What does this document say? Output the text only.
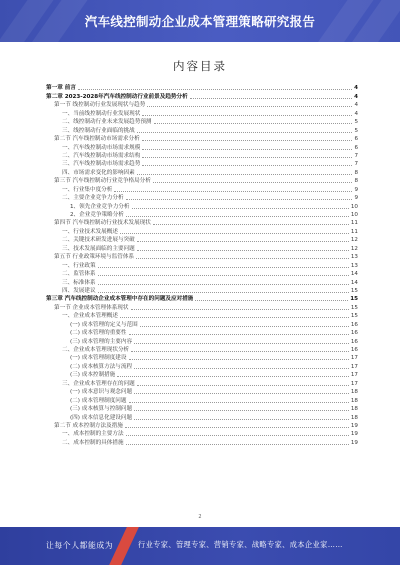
汽车线控制动企业成本管理策略研究报告
内容目录
第一章 前言	4
第二章 2023-2028年汽车线控制动行业前景及趋势分析	4
第一节 线控制动行业发展现状与趋势	4
一、当前线控制动行业发展现状	4
二、线控制动行业未来发展趋势预测	5
三、线控制动行业面临的挑战	5
第二节 汽车线控制动市场需求分析	6
一、汽车线控制动市场需求规模	6
二、汽车线控制动市场需求结构	7
三、汽车线控制动市场需求趋势	7
四、市场需求变化的影响因素	8
第三节 汽车线控制动行业竞争格局分析	8
一、行业集中度分析	9
二、主要企业竞争力分析	9
1、领先企业竞争力分析	10
2、企业竞争策略分析	10
第四节 汽车线控制动行业技术发展现状	11
一、行业技术发展概述	11
二、关键技术研发进展与突破	12
三、技术发展面临的主要问题	12
第五节 行业政策环境与监管体系	13
一、行业政策	13
二、监管体系	14
三、标准体系	14
四、发展建议	15
第三章 汽车线控制动企业成本管理中存在的问题及应对措施	15
第一节 企业成本管理体系现状	15
一、企业成本管理概述	15
(一) 成本管理的定义与范围	16
(二) 成本管理的重要性	16
(三) 成本管理的主要内容	16
二、企业成本管理现状分析	16
(一) 成本管理制度建设	17
(二) 成本核算方法与流程	17
(三) 成本控制措施	17
三、企业成本管理存在的问题	17
(一) 成本意识与观念问题	18
(二) 成本管理制度问题	18
(三) 成本核算与控制问题	18
(四) 成本信息化建设问题	18
第二节 成本控制方法及措施	19
一、成本控制的主要方法	19
二、成本控制的具体措施	19
2
让每个人都能成为	行业专家、管理专家、营销专家、战略专家、成本企业家……
